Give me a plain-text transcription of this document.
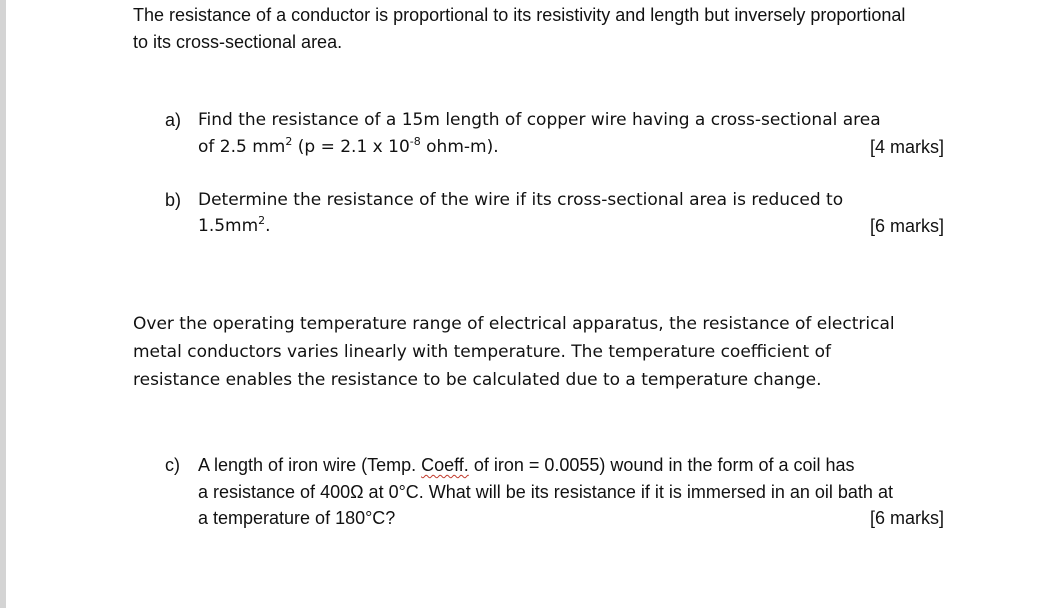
The resistance of a conductor is proportional to its resistivity and length but inversely proportional

to its cross-sectional area.

a) Find the resistance of a 15m length of copper wire having a cross-sectional area

of 2.5 $mm^2$ (p = 2.1 x $10^{-8}$ ohm-m).	[4 marks]
b) Determine the resistance of the wire if its cross-sectional area is reduced to

$1.5mm^2$.	[6 marks]

Over the operating temperature range of electrical apparatus, the resistance of electrical

metal conductors varies linearly with temperature. The temperature coefficient of

resistance enables the resistance to be calculated due to a temperature change.

c) A length of iron wire (Temp. Coeff. of iron = 0.0055) wound in the form of a coil has

a resistance of 400Ω at 0°C. What will be its resistance if it is immersed in an oil bath at

a temperature of 180°C?	[6 marks]
